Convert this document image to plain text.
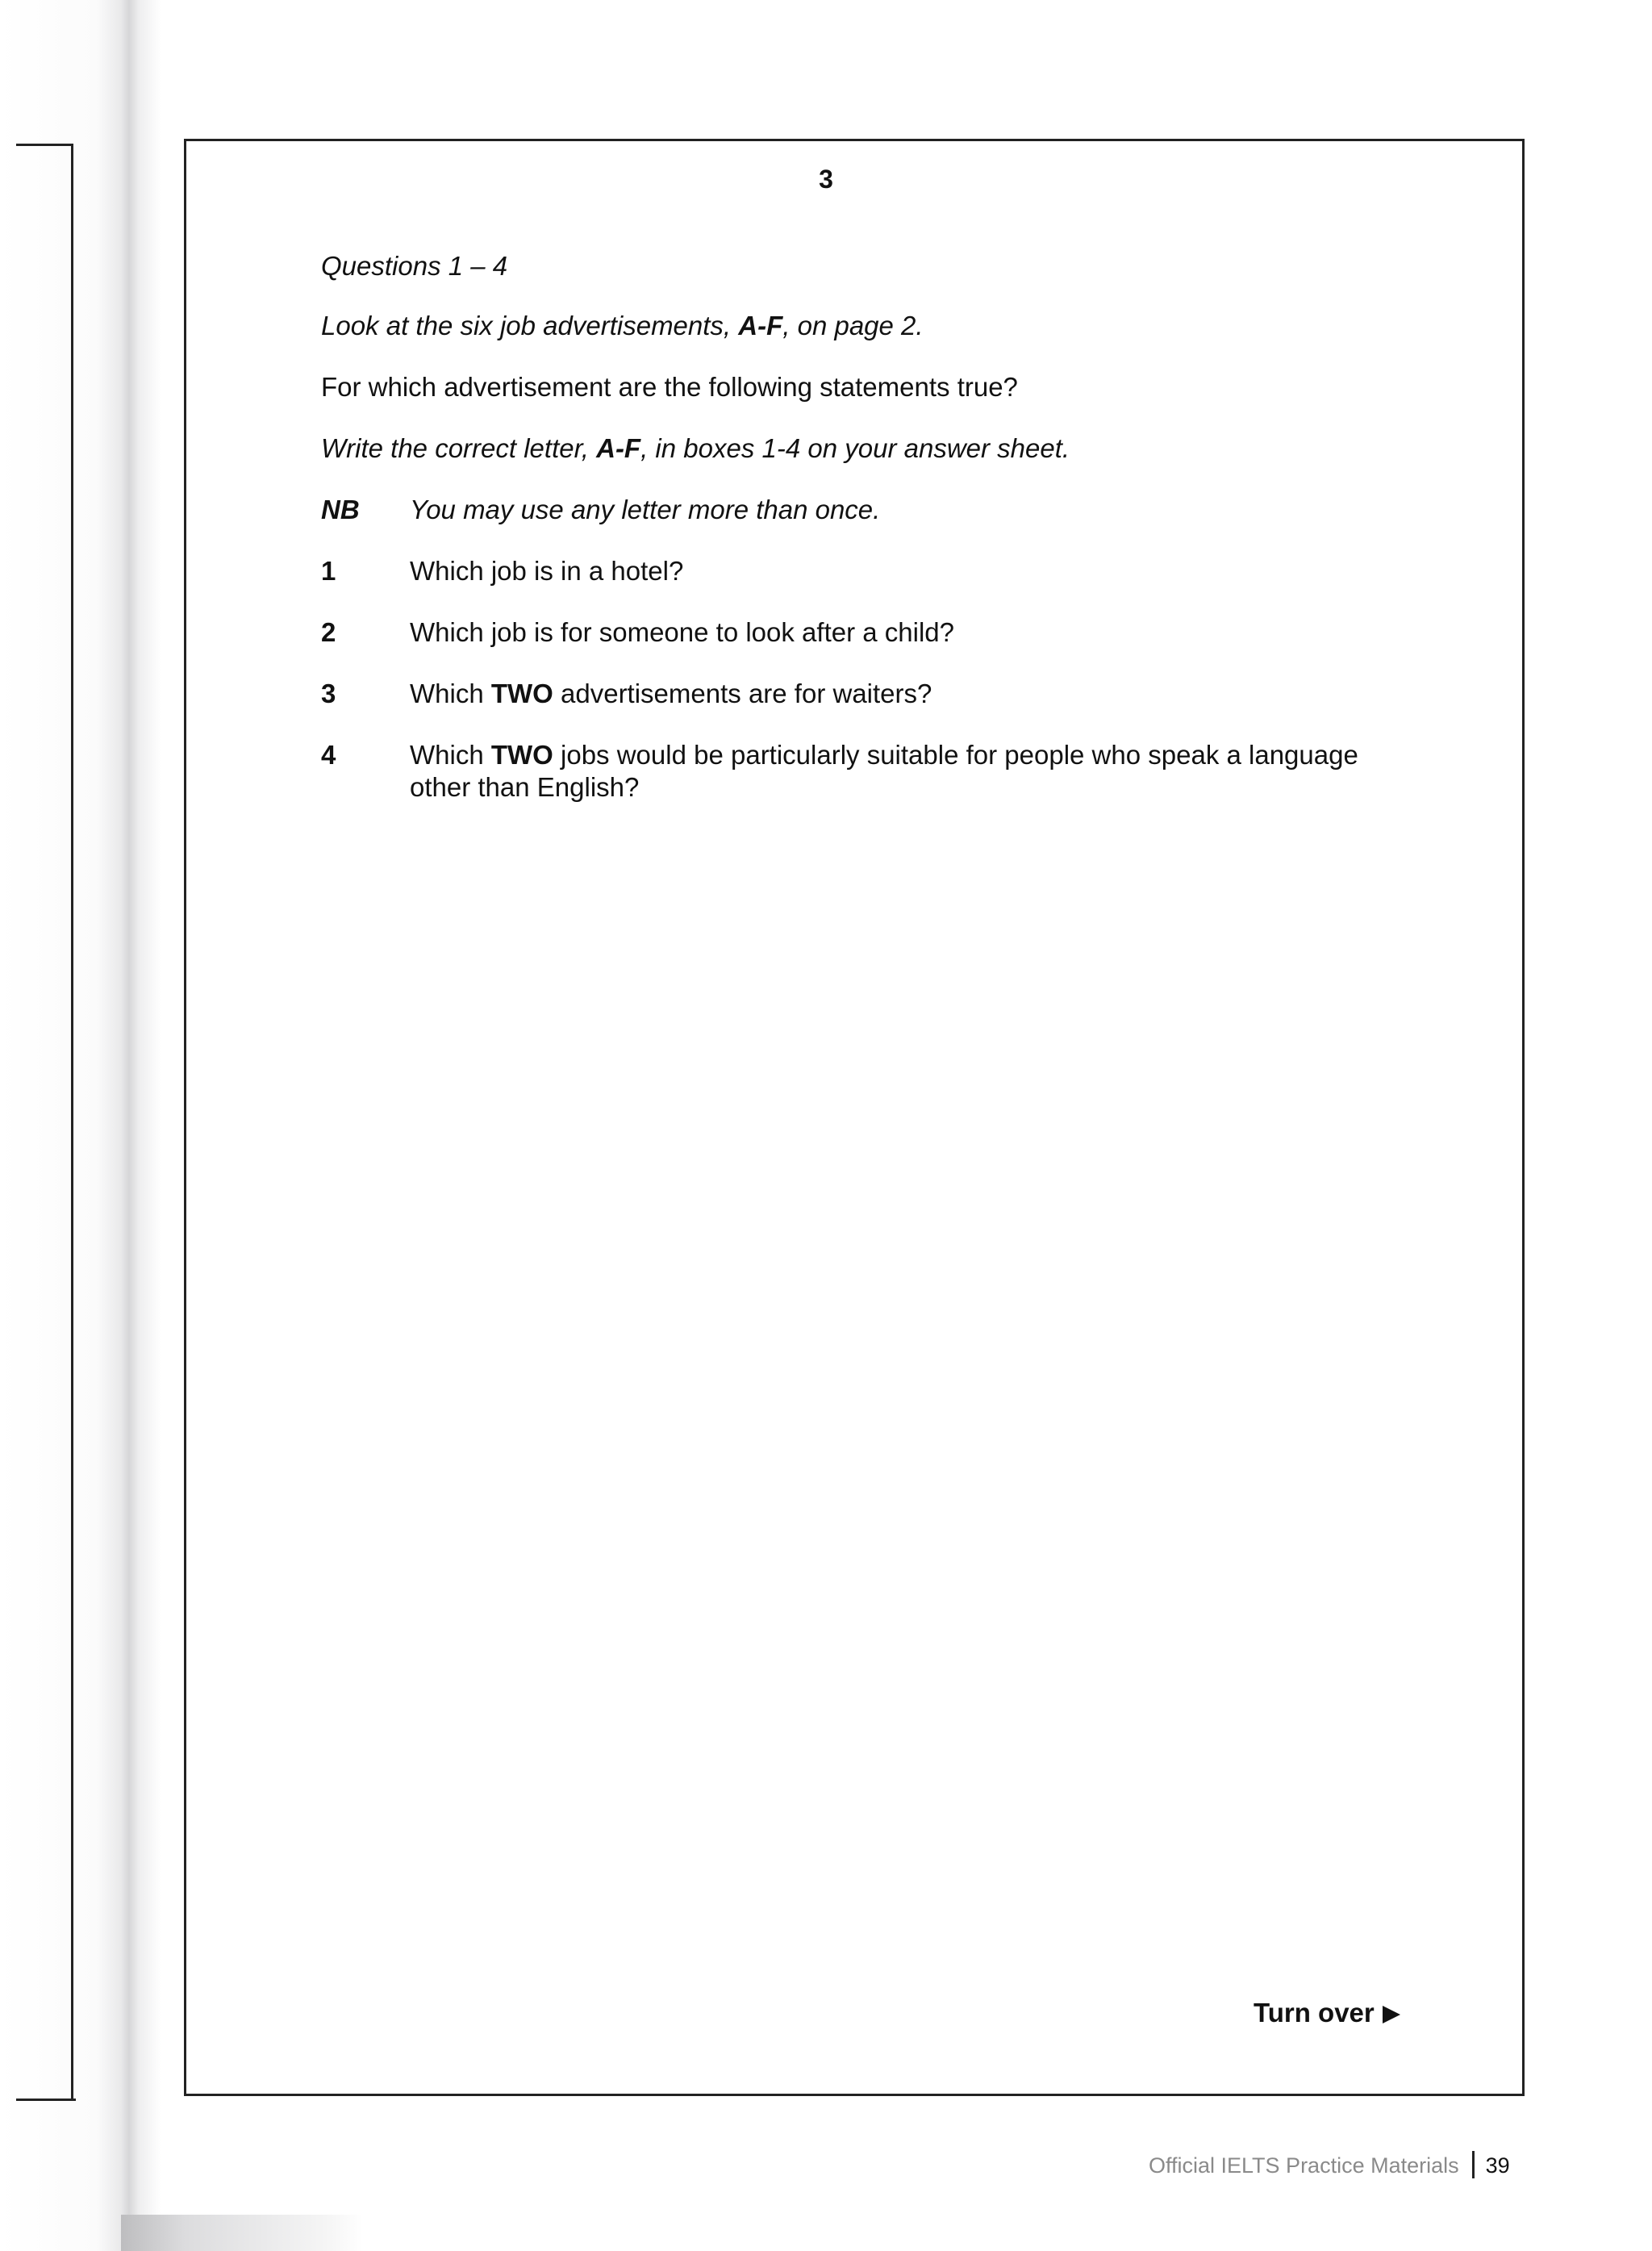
3
Questions 1 – 4
Look at the six job advertisements, A-F, on page 2.
For which advertisement are the following statements true?
Write the correct letter, A-F, in boxes 1-4 on your answer sheet.
NB You may use any letter more than once.
1	Which job is in a hotel?
2	Which job is for someone to look after a child?
3	Which TWO advertisements are for waiters?
4	Which TWO jobs would be particularly suitable for people who speak a language other than English?
Turn over
Official IELTS Practice Materials 39
